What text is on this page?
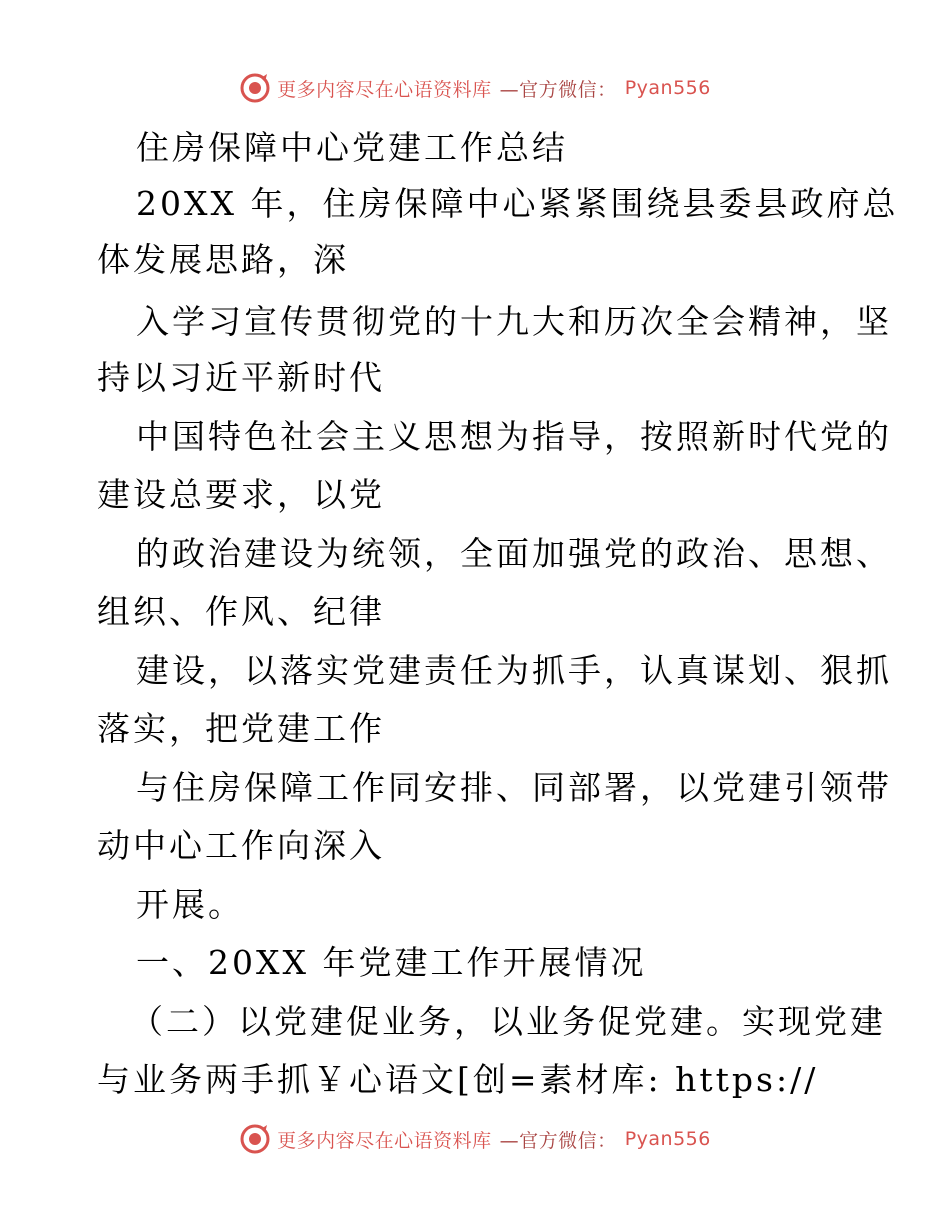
更多内容尽在心语资料库 —官方微信： Pyan556
住房保障中心党建工作总结
20XX 年，住房保障中心紧紧围绕县委县政府总
体发展思路，深
入学习宣传贯彻党的十九大和历次全会精神，坚
持以习近平新时代
中国特色社会主义思想为指导，按照新时代党的
建设总要求，以党
的政治建设为统领，全面加强党的政治、思想、
组织、作风、纪律
建设，以落实党建责任为抓手，认真谋划、狠抓
落实，把党建工作
与住房保障工作同安排、同部署，以党建引领带
动中心工作向深入
开展。
一、20XX 年党建工作开展情况
（二）以党建促业务，以业务促党建。实现党建
与业务两手抓￥心语文[创=素材库: https://
更多内容尽在心语资料库 —官方微信： Pyan556
